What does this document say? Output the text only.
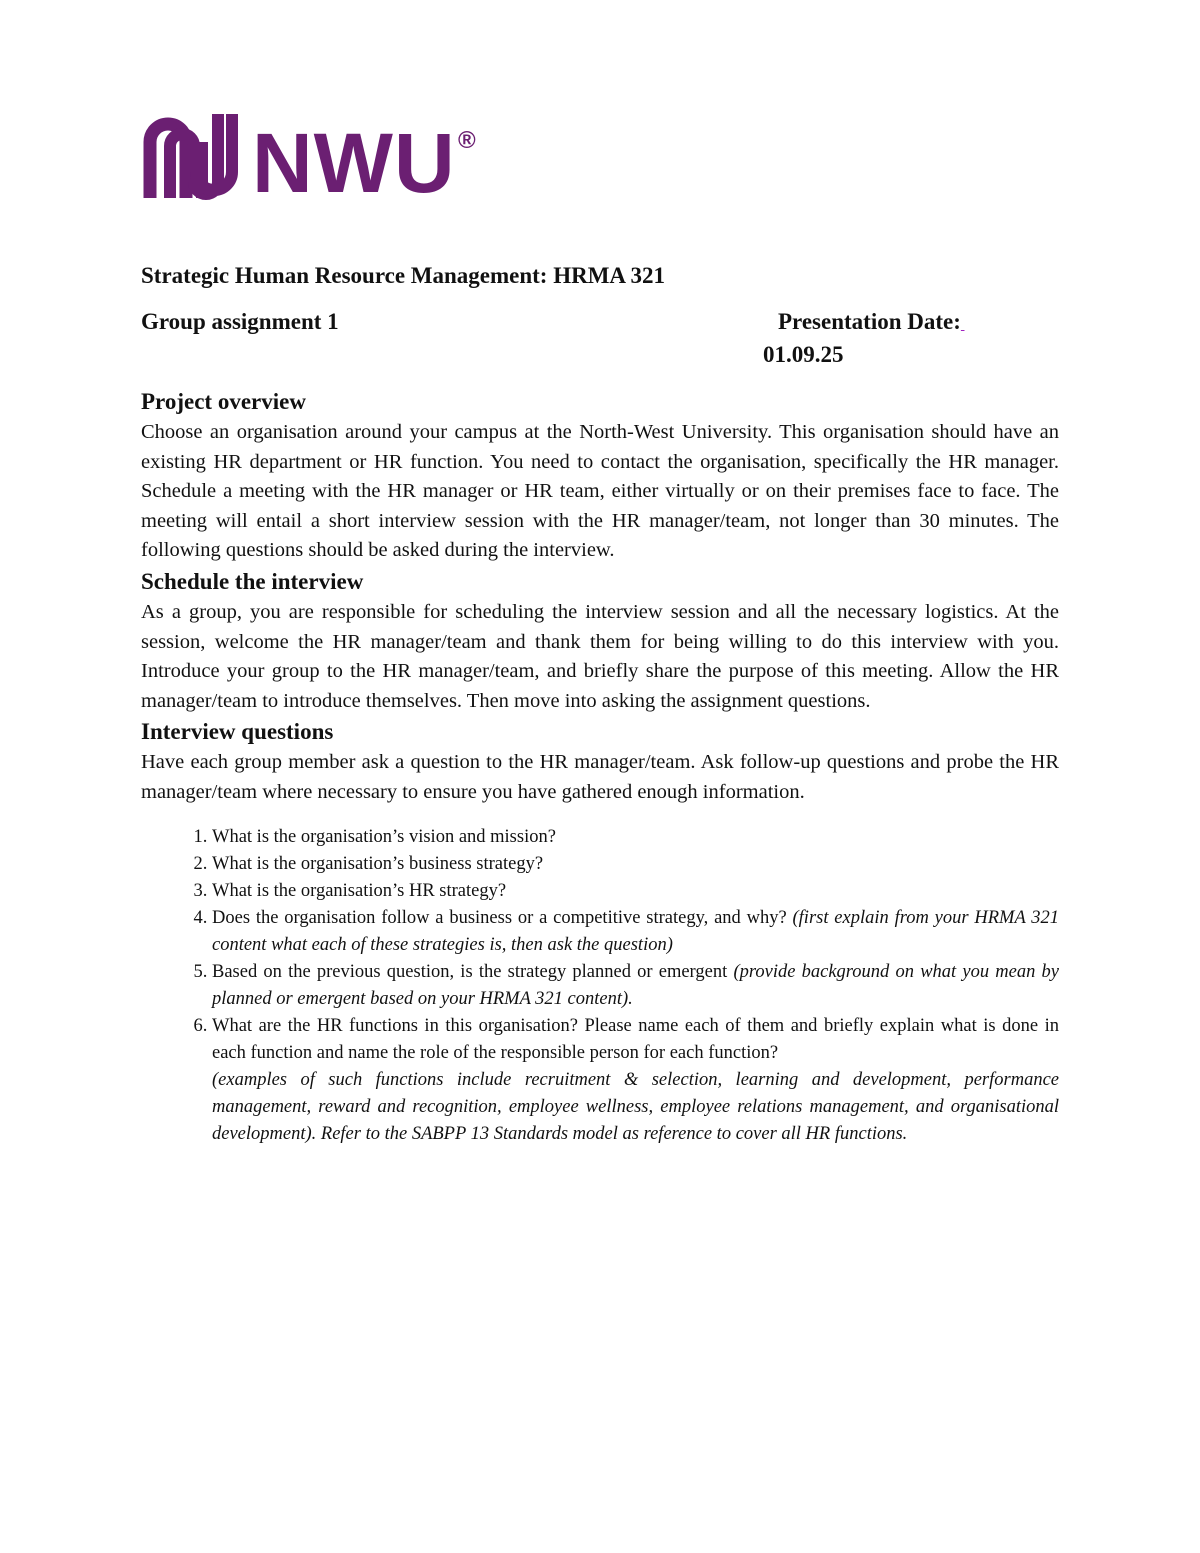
NWU ®
Strategic Human Resource Management: HRMA 321
Group assignment 1	Presentation Date: 
01.09.25
Project overview

Choose an organisation around your campus at the North-West University. This organisation should have an existing HR department or HR function. You need to contact the organisation, specifically the HR manager. Schedule a meeting with the HR manager or HR team, either virtually or on their premises face to face. The meeting will entail a short interview session with the HR manager/team, not longer than 30 minutes. The following questions should be asked during the interview.

Schedule the interview

As a group, you are responsible for scheduling the interview session and all the necessary logistics. At the session, welcome the HR manager/team and thank them for being willing to do this interview with you. Introduce your group to the HR manager/team, and briefly share the purpose of this meeting. Allow the HR manager/team to introduce themselves. Then move into asking the assignment questions.

Interview questions

Have each group member ask a question to the HR manager/team. Ask follow-up questions and probe the HR manager/team where necessary to ensure you have gathered enough information.

1. What is the organisation’s vision and mission?
2. What is the organisation’s business strategy?
3. What is the organisation’s HR strategy?
4. Does the organisation follow a business or a competitive strategy, and why? (first explain from your HRMA 321 content what each of these strategies is, then ask the question)
5. Based on the previous question, is the strategy planned or emergent (provide background on what you mean by planned or emergent based on your HRMA 321 content).
6. What are the HR functions in this organisation? Please name each of them and briefly explain what is done in each function and name the role of the responsible person for each function?
(examples of such functions include recruitment & selection, learning and development, performance management, reward and recognition, employee wellness, employee relations management, and organisational development). Refer to the SABPP 13 Standards model as reference to cover all HR functions.
